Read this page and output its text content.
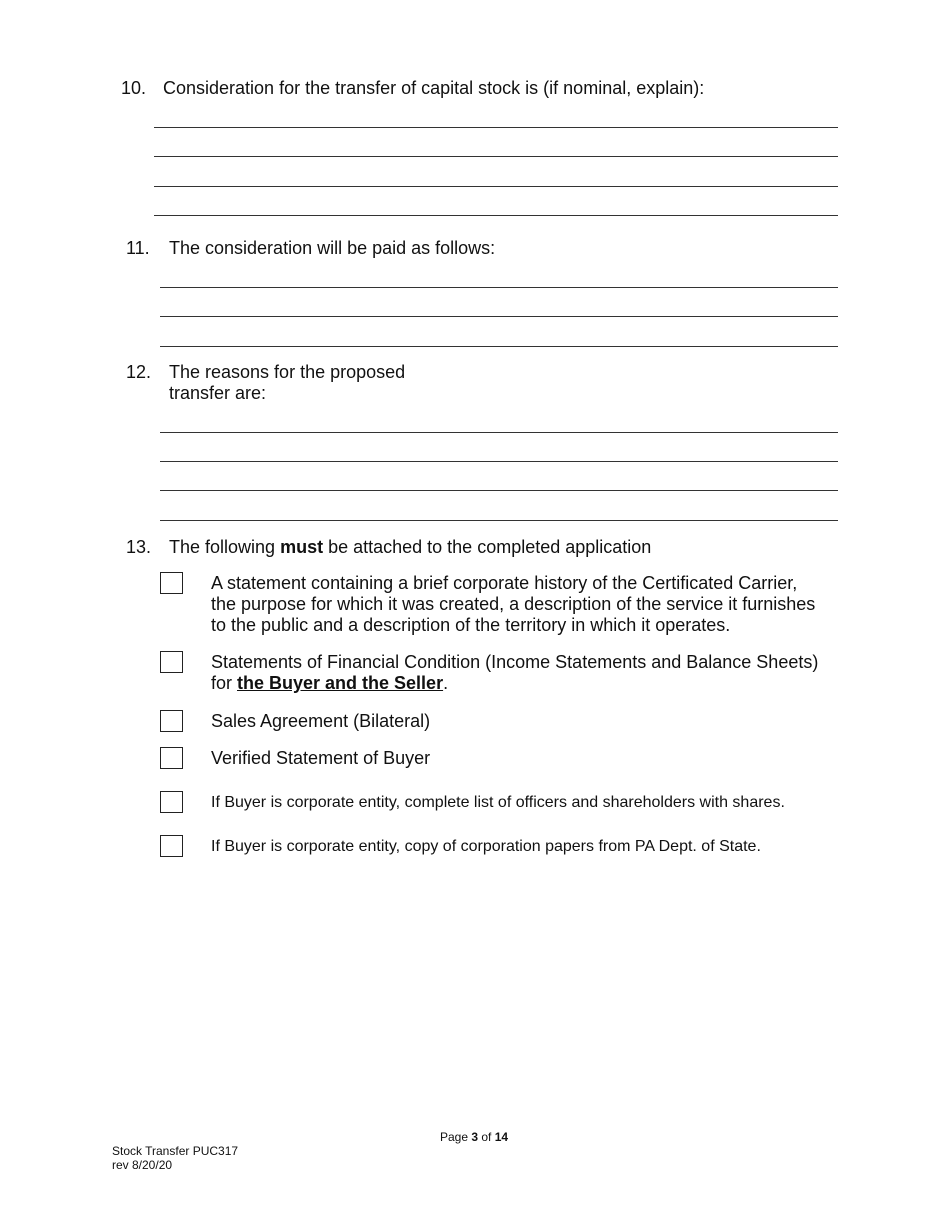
10. Consideration for the transfer of capital stock is (if nominal, explain):
11. The consideration will be paid as follows:
12. The reasons for the proposed
transfer are:
13. The following must be attached to the completed application
A statement containing a brief corporate history of the Certificated Carrier,
the purpose for which it was created, a description of the service it furnishes
to the public and a description of the territory in which it operates.
Statements of Financial Condition (Income Statements and Balance Sheets)
for the Buyer and the Seller.
Sales Agreement (Bilateral)
Verified Statement of Buyer
If Buyer is corporate entity, complete list of officers and shareholders with shares.
If Buyer is corporate entity, copy of corporation papers from PA Dept. of State.
Page 3 of 14
Stock Transfer PUC317
rev 8/20/20
